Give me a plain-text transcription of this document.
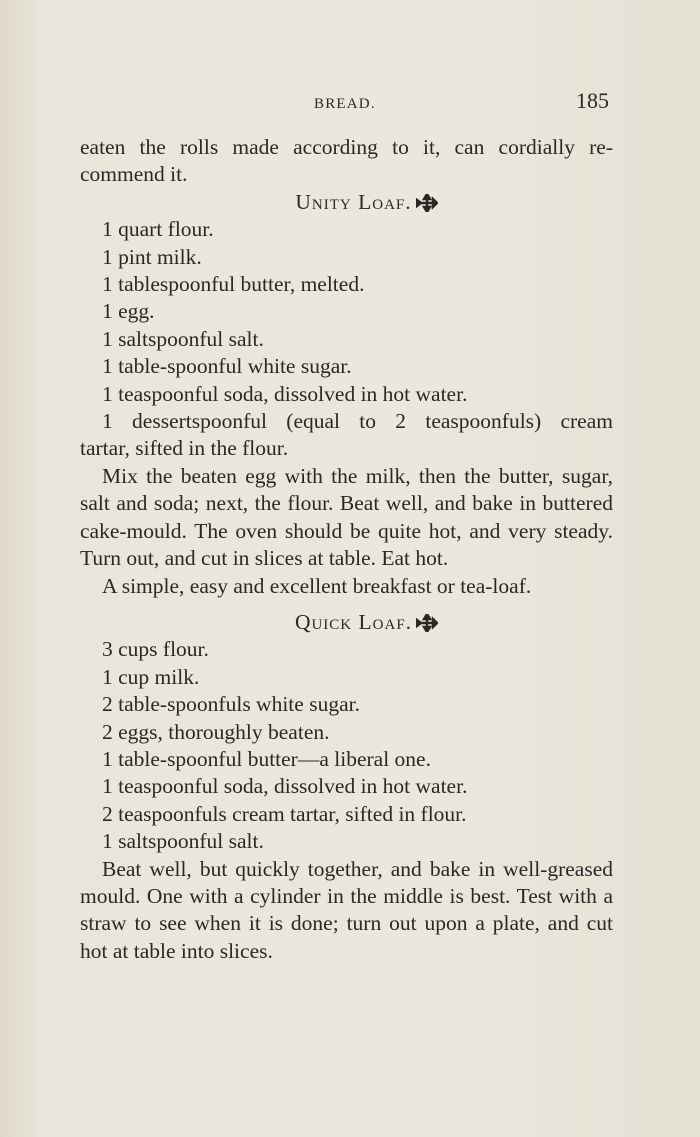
BREAD.	185

eaten the rolls made according to it, can cordially re-

commend it.

Unity Loaf.

1 quart flour.

1 pint milk.

1 tablespoonful butter, melted.

1 egg.

1 saltspoonful salt.

1 table-spoonful white sugar.

1 teaspoonful soda, dissolved in hot water.

1 dessertspoonful (equal to 2 teaspoonfuls) cream

tartar, sifted in the flour.

Mix the beaten egg with the milk, then the butter, sugar, salt and soda; next, the flour. Beat well, and bake in buttered cake-mould. The oven should be quite hot, and very steady. Turn out, and cut in slices at table. Eat hot.

A simple, easy and excellent breakfast or tea-loaf.

Quick Loaf.

3 cups flour.

1 cup milk.

2 table-spoonfuls white sugar.

2 eggs, thoroughly beaten.

1 table-spoonful butter—a liberal one.

1 teaspoonful soda, dissolved in hot water.

2 teaspoonfuls cream tartar, sifted in flour.

1 saltspoonful salt.

Beat well, but quickly together, and bake in well-greased mould. One with a cylinder in the middle is best. Test with a straw to see when it is done; turn out upon a plate, and cut hot at table into slices.
